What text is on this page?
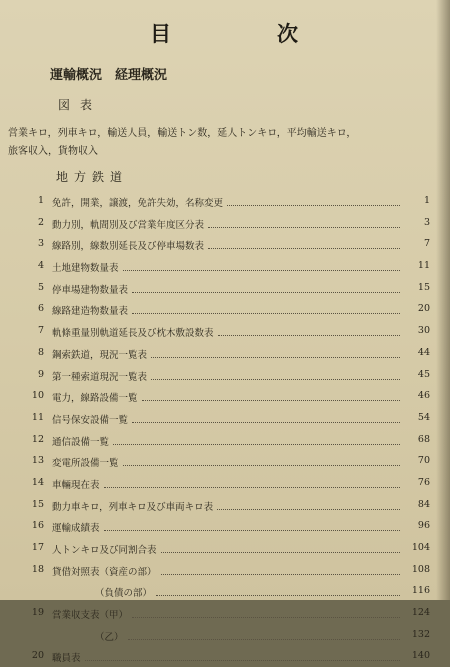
目	次
運輸概況　経理概況
図表
営業キロ，列車キロ，輸送人員，輸送トン数，延人トンキロ，平均輸送キロ，
旅客収入，貨物収入
地方鉄道
1 免許，開業，譲渡，免許失効，名称変更	1
2 動力別，軌間別及び営業年度区分表	3
3 線路別，線数別延長及び停車場数表	7
4 土地建物数量表	11
5 停車場建物数量表	15
6 線路建造物数量表	20
7 軌條重量別軌道延長及び枕木敷設数表	30
8 鋼索鉄道，現況一覧表	44
9 第一種索道現況一覧表	45
10 電力，線路設備一覧	46
11 信号保安設備一覧	54
12 通信設備一覧	68
13 変電所設備一覧	70
14 車輛現在表	76
15 動力車キロ，列車キロ及び車両キロ表	84
16 運輸成績表	96
17 人トンキロ及び同割合表	104
18 貸借対照表（資産の部）	108
（負債の部）	116
19 営業収支表（甲）	124
（乙）	132
20 職員表	140
